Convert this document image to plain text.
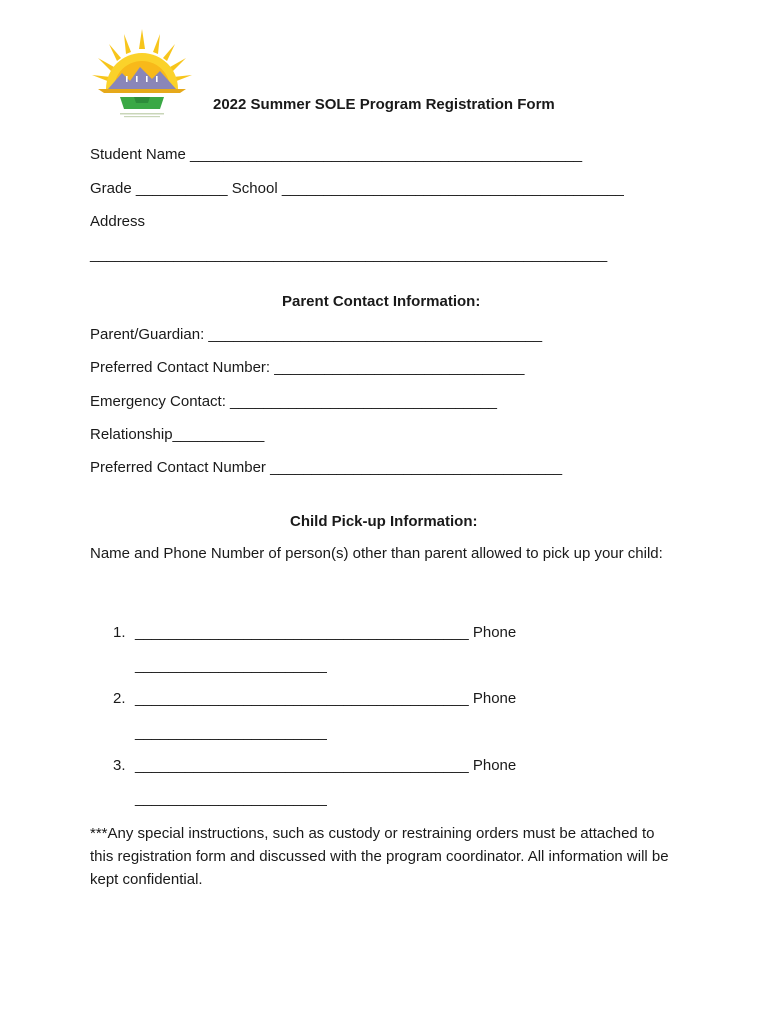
2022 Summer SOLE Program Registration Form
Student Name _______________________________________________
Grade ___________ School _________________________________________
Address
______________________________________________________________
Parent Contact Information:
Parent/Guardian: ________________________________________
Preferred Contact Number: ______________________________
Emergency Contact: ________________________________
Relationship___________
Preferred Contact Number ___________________________________
Child Pick-up Information:
Name and Phone Number of person(s) other than parent allowed to pick up your child:
1. ________________________________________ Phone
_______________________
2. ________________________________________ Phone
_______________________
3. ________________________________________ Phone
_______________________
***Any special instructions, such as custody or restraining orders must be attached to this registration form and discussed with the program coordinator. All information will be kept confidential.
